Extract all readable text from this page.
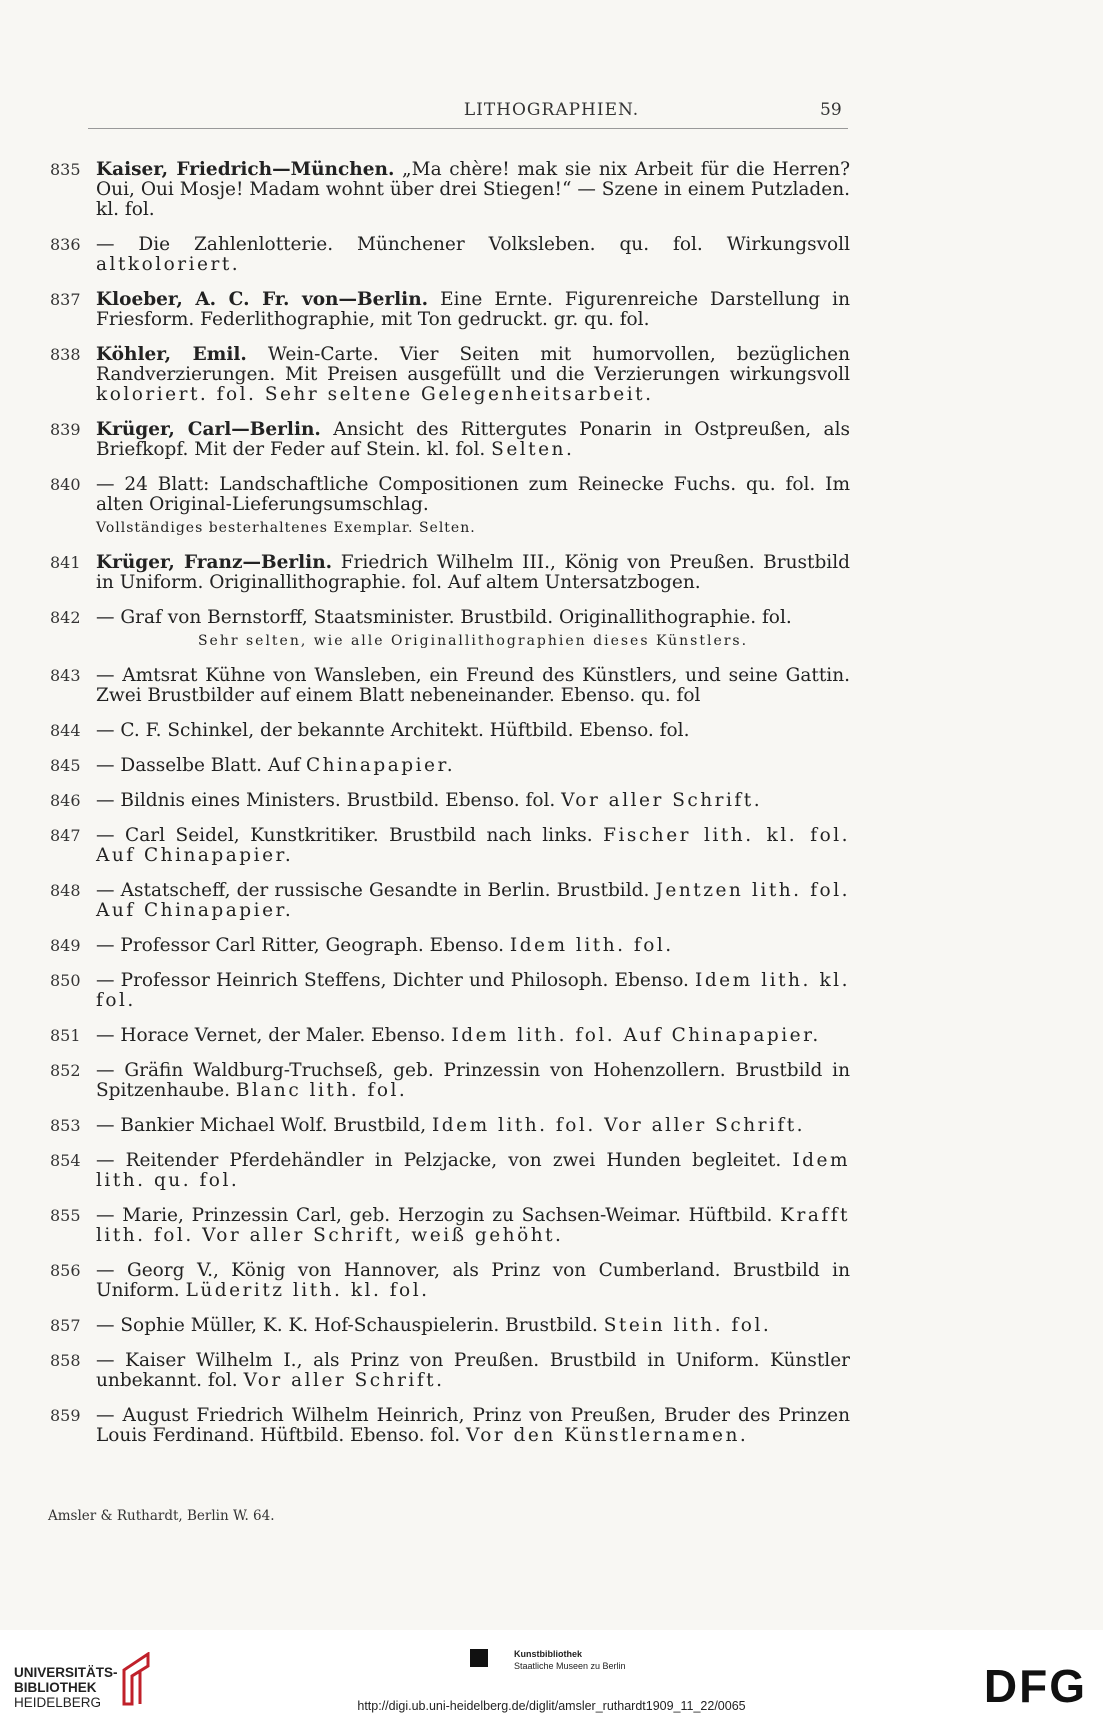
LITHOGRAPHIEN.	59
835 Kaiser, Friedrich—München. „Ma chère! mak sie nix Arbeit für die Herren? Oui, Oui Mosje! Madam wohnt über drei Stiegen!“ — Szene in einem Putzladen. kl. fol.
836 — Die Zahlenlotterie. Münchener Volksleben. qu. fol. Wirkungsvoll altkoloriert.
837 Kloeber, A. C. Fr. von—Berlin. Eine Ernte. Figurenreiche Darstellung in Friesform. Federlithographie, mit Ton gedruckt. gr. qu. fol.
838 Köhler, Emil. Wein-Carte. Vier Seiten mit humorvollen, bezüglichen Randverzierungen. Mit Preisen ausgefüllt und die Verzierungen wirkungsvoll koloriert. fol. Sehr seltene Gelegenheitsarbeit.
839 Krüger, Carl—Berlin. Ansicht des Rittergutes Ponarin in Ostpreußen, als Briefkopf. Mit der Feder auf Stein. kl. fol. Selten.
840 — 24 Blatt: Landschaftliche Compositionen zum Reinecke Fuchs. qu. fol. Im alten Original-Lieferungsumschlag.
Vollständiges besterhaltenes Exemplar. Selten.
841 Krüger, Franz—Berlin. Friedrich Wilhelm III., König von Preußen. Brustbild in Uniform. Originallithographie. fol. Auf altem Untersatzbogen.
842 — Graf von Bernstorff, Staatsminister. Brustbild. Originallithographie. fol.
Sehr selten, wie alle Originallithographien dieses Künstlers.
843 — Amtsrat Kühne von Wansleben, ein Freund des Künstlers, und seine Gattin. Zwei Brustbilder auf einem Blatt nebeneinander. Ebenso. qu. fol
844 — C. F. Schinkel, der bekannte Architekt. Hüftbild. Ebenso. fol.
845 — Dasselbe Blatt. Auf Chinapapier.
846 — Bildnis eines Ministers. Brustbild. Ebenso. fol. Vor aller Schrift.
847 — Carl Seidel, Kunstkritiker. Brustbild nach links. Fischer lith. kl. fol. Auf Chinapapier.
848 — Astatscheff, der russische Gesandte in Berlin. Brustbild. Jentzen lith. fol. Auf Chinapapier.
849 — Professor Carl Ritter, Geograph. Ebenso. Idem lith. fol.
850 — Professor Heinrich Steffens, Dichter und Philosoph. Ebenso. Idem lith. kl. fol.
851 — Horace Vernet, der Maler. Ebenso. Idem lith. fol. Auf Chinapapier.
852 — Gräfin Waldburg-Truchseß, geb. Prinzessin von Hohenzollern. Brustbild in Spitzenhaube. Blanc lith. fol.
853 — Bankier Michael Wolf. Brustbild, Idem lith. fol. Vor aller Schrift.
854 — Reitender Pferdehändler in Pelzjacke, von zwei Hunden begleitet. Idem lith. qu. fol.
855 — Marie, Prinzessin Carl, geb. Herzogin zu Sachsen-Weimar. Hüftbild. Krafft lith. fol. Vor aller Schrift, weiß gehöht.
856 — Georg V., König von Hannover, als Prinz von Cumberland. Brustbild in Uniform. Lüderitz lith. kl. fol.
857 — Sophie Müller, K. K. Hof-Schauspielerin. Brustbild. Stein lith. fol.
858 — Kaiser Wilhelm I., als Prinz von Preußen. Brustbild in Uniform. Künstler unbekannt. fol. Vor aller Schrift.
859 — August Friedrich Wilhelm Heinrich, Prinz von Preußen, Bruder des Prinzen Louis Ferdinand. Hüftbild. Ebenso. fol. Vor den Künstlernamen.
Amsler & Ruthardt, Berlin W. 64.
UNIVERSITÄTS-
BIBLIOTHEK
HEIDELBERG
Kunstbibliothek
Staatliche Museen zu Berlin	DFG
http://digi.ub.uni-heidelberg.de/diglit/amsler_ruthardt1909_11_22/0065
